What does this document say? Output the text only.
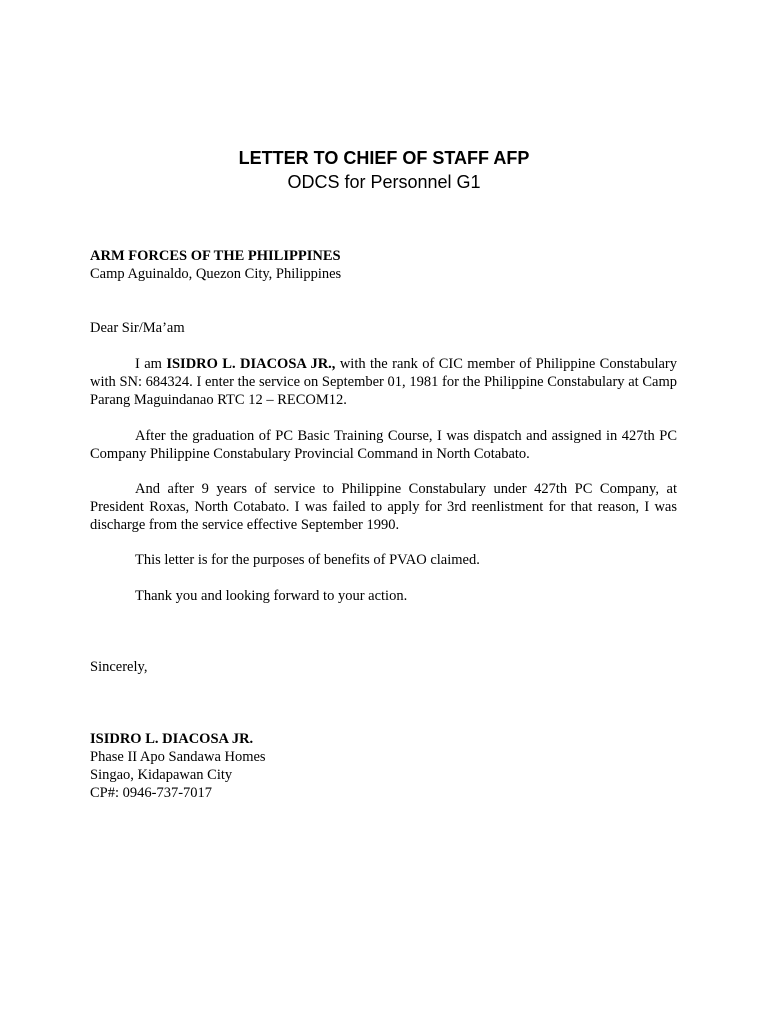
LETTER TO CHIEF OF STAFF AFP
ODCS for Personnel G1

ARM FORCES OF THE PHILIPPINES

Camp Aguinaldo, Quezon City, Philippines

Dear Sir/Ma’am

I am ISIDRO L. DIACOSA JR., with the rank of CIC member of Philippine Constabulary with SN: 684324. I enter the service on September 01, 1981 for the Philippine Constabulary at Camp Parang Maguindanao RTC 12 – RECOM12.

After the graduation of PC Basic Training Course, I was dispatch and assigned in 427th PC Company Philippine Constabulary Provincial Command in North Cotabato.

And after 9 years of service to Philippine Constabulary under 427th PC Company, at President Roxas, North Cotabato. I was failed to apply for 3rd reenlistment for that reason, I was discharge from the service effective September 1990.

This letter is for the purposes of benefits of PVAO claimed.

Thank you and looking forward to your action.

Sincerely,

ISIDRO L. DIACOSA JR.

Phase II Apo Sandawa Homes

Singao, Kidapawan City

CP#: 0946-737-7017
